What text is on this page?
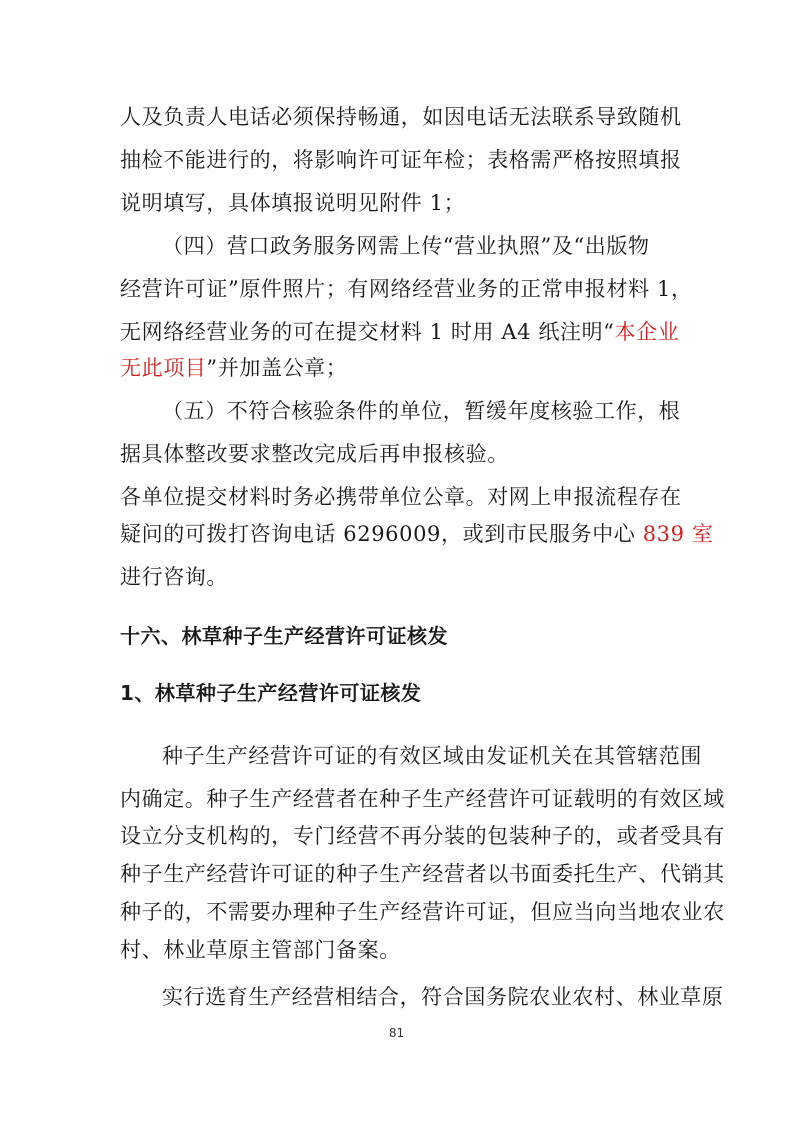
人及负责人电话必须保持畅通，如因电话无法联系导致随机
抽检不能进行的，将影响许可证年检；表格需严格按照填报
说明填写，具体填报说明见附件 1；
（四）营口政务服务网需上传“营业执照”及“出版物
经营许可证”原件照片；有网络经营业务的正常申报材料 1，
无网络经营业务的可在提交材料 1 时用 A4 纸注明“本企业
无此项目”并加盖公章；
（五）不符合核验条件的单位，暂缓年度核验工作，根
据具体整改要求整改完成后再申报核验。
各单位提交材料时务必携带单位公章。对网上申报流程存在
疑问的可拨打咨询电话 6296009，或到市民服务中心 839 室
进行咨询。
十六、林草种子生产经营许可证核发
1、林草种子生产经营许可证核发
种子生产经营许可证的有效区域由发证机关在其管辖范围
内确定。种子生产经营者在种子生产经营许可证载明的有效区域
设立分支机构的，专门经营不再分装的包装种子的，或者受具有
种子生产经营许可证的种子生产经营者以书面委托生产、代销其
种子的，不需要办理种子生产经营许可证，但应当向当地农业农
村、林业草原主管部门备案。
实行选育生产经营相结合，符合国务院农业农村、林业草原
81
